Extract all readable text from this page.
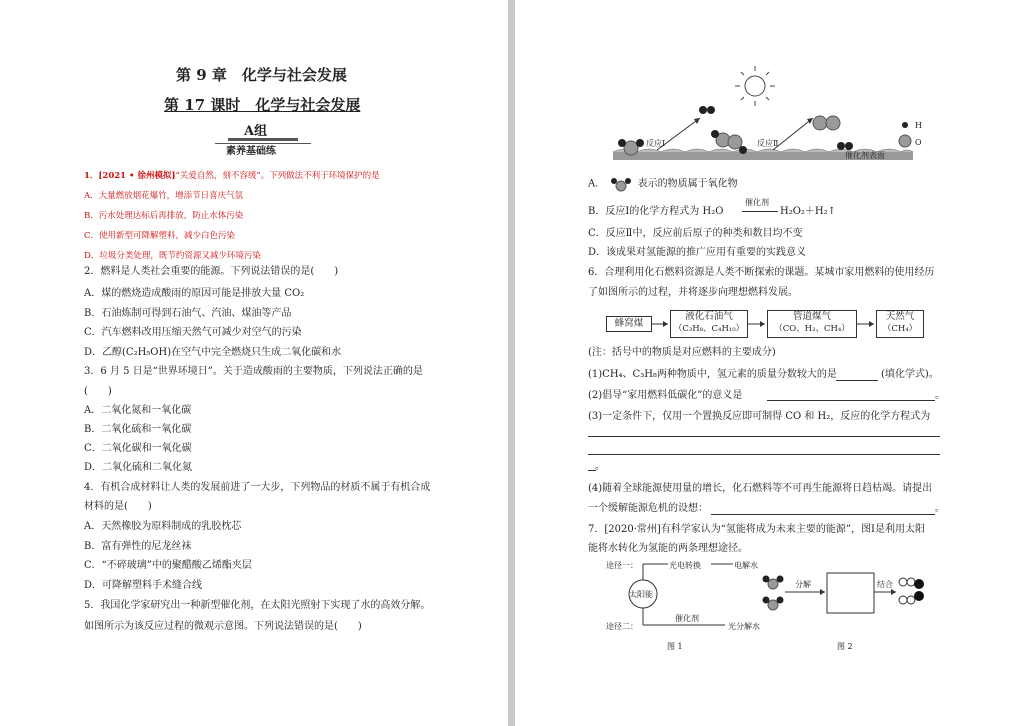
第 9 章　化学与社会发展
第 17 课时　化学与社会发展
A组
素养基础练
1．[2021 • 徐州模拟]“关爱自然，刻不容缓”。下列做法不利于环境保护的是
A．大量燃放烟花爆竹，增添节日喜庆气氛
B．污水处理达标后再排放，防止水体污染
C．使用新型可降解塑料，减少白色污染
D．垃圾分类处理，既节约资源又减少环境污染
2．燃料是人类社会重要的能源。下列说法错误的是(　　)
A．煤的燃烧造成酸雨的原因可能是排放大量 CO₂
B．石油炼制可得到石油气、汽油、煤油等产品
C．汽车燃料改用压缩天然气可减少对空气的污染
D．乙醇(C₂H₅OH)在空气中完全燃烧只生成二氧化碳和水
3．6 月 5 日是“世界环境日”。关于造成酸雨的主要物质，下列说法正确的是
(　　)
A．二氧化氮和一氧化碳
B．二氧化硫和一氧化碳
C．二氧化碳和一氧化碳
D．二氧化硫和二氧化氮
4．有机合成材料让人类的发展前进了一大步，下列物品的材质不属于有机合成
材料的是(　　)
A．天然橡胶为原料制成的乳胶枕芯
B．富有弹性的尼龙丝袜
C．“不碎玻璃”中的聚醋酸乙烯酯夹层
D．可降解塑料手术缝合线
5．我国化学家研究出一种新型催化剂，在太阳光照射下实现了水的高效分解。
如图所示为该反应过程的微观示意图。下列说法错误的是(　　)
反应Ⅰ	反应Ⅱ
催化剂表面
H
O
A．	表示的物质属于氧化物
B．反应Ⅰ的化学方程式为 H₂O
催化剂
H₂O₂＋H₂↑
C．反应Ⅱ中，反应前后原子的种类和数目均不变
D．该成果对氢能源的推广应用有重要的实践意义
6．合理利用化石燃料资源是人类不断探索的课题。某城市家用燃料的使用经历
了如图所示的过程，并将逐步向理想燃料发展。
蜂窝煤
液化石油气
（C₃H₈、C₄H₁₀）
管道煤气
（CO、H₂、CH₄）
天然气
（CH₄）
(注：括号中的物质是对应燃料的主要成分)
(1)CH₄、C₃H₈两种物质中，氢元素的质量分数较大的是	(填化学式)。
(2)倡导“家用燃料低碳化”的意义是	。
(3)一定条件下，仅用一个置换反应即可制得 CO 和 H₂，反应的化学方程式为
。
(4)随着全球能源使用量的增长，化石燃料等不可再生能源将日趋枯竭。请提出
一个缓解能源危机的设想：	。
7．[2020·常州]有科学家认为“氢能将成为未来主要的能源”，图Ⅰ是利用太阳
能将水转化为氢能的两条理想途径。
途径一：	光电转换	电解水
太阳能
途径二：
催化剂
光分解水
图 1
分解	结合
图 2
